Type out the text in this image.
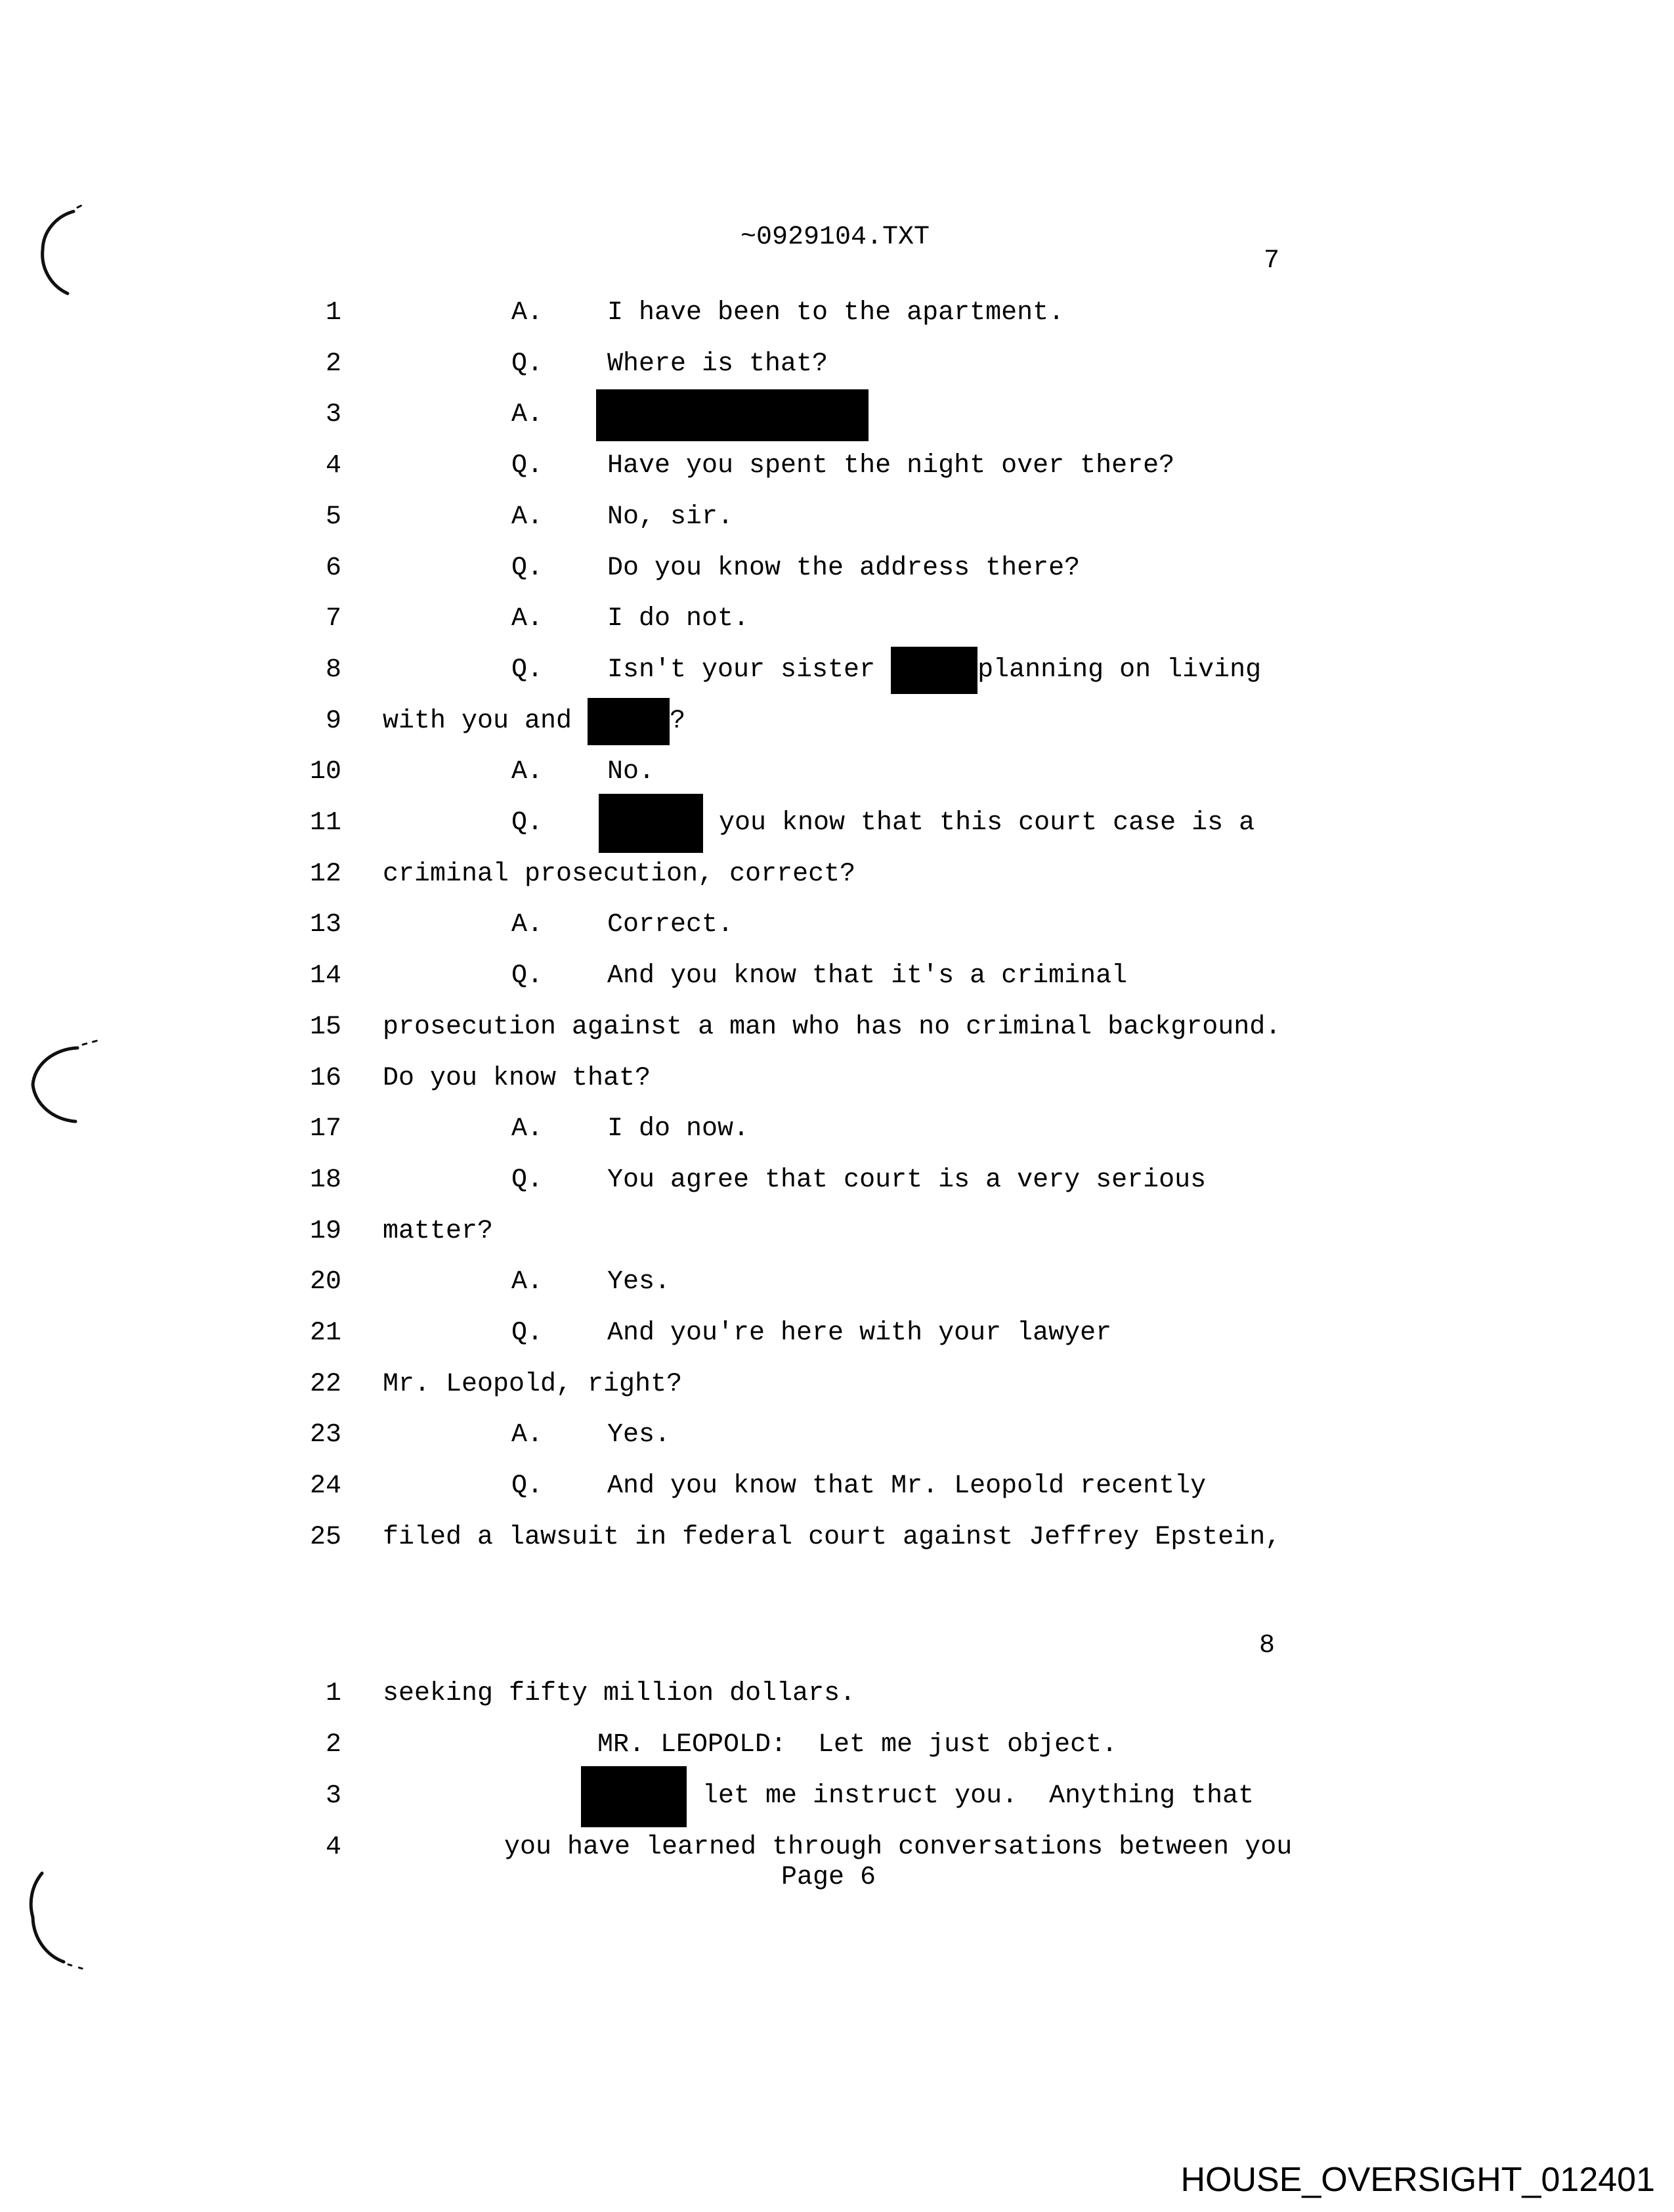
~0929104.TXT
7
8
1	A. I have been to the apartment.
2	Q. Where is that?
3	A.
4	Q. Have you spent the night over there?
5	A. No, sir.
6	Q. Do you know the address there?
7	A. I do not.
8	Q. Isn't your sister	planning on living
9 with you and	?
10	A. No.
11	Q.	you know that this court case is a
12 criminal prosecution, correct?
13	A. Correct.
14	Q. And you know that it's a criminal
15 prosecution against a man who has no criminal background.
16 Do you know that?
17	A. I do now.
18	Q. You agree that court is a very serious
19 matter?
20	A. Yes.
21	Q. And you're here with your lawyer
22 Mr. Leopold, right?
23	A. Yes.
24	Q. And you know that Mr. Leopold recently
25 filed a lawsuit in federal court against Jeffrey Epstein,
1 seeking fifty million dollars.
2	MR. LEOPOLD:  Let me just object.
3	let me instruct you.  Anything that
4	you have learned through conversations between you
Page 6
HOUSE_OVERSIGHT_012401
